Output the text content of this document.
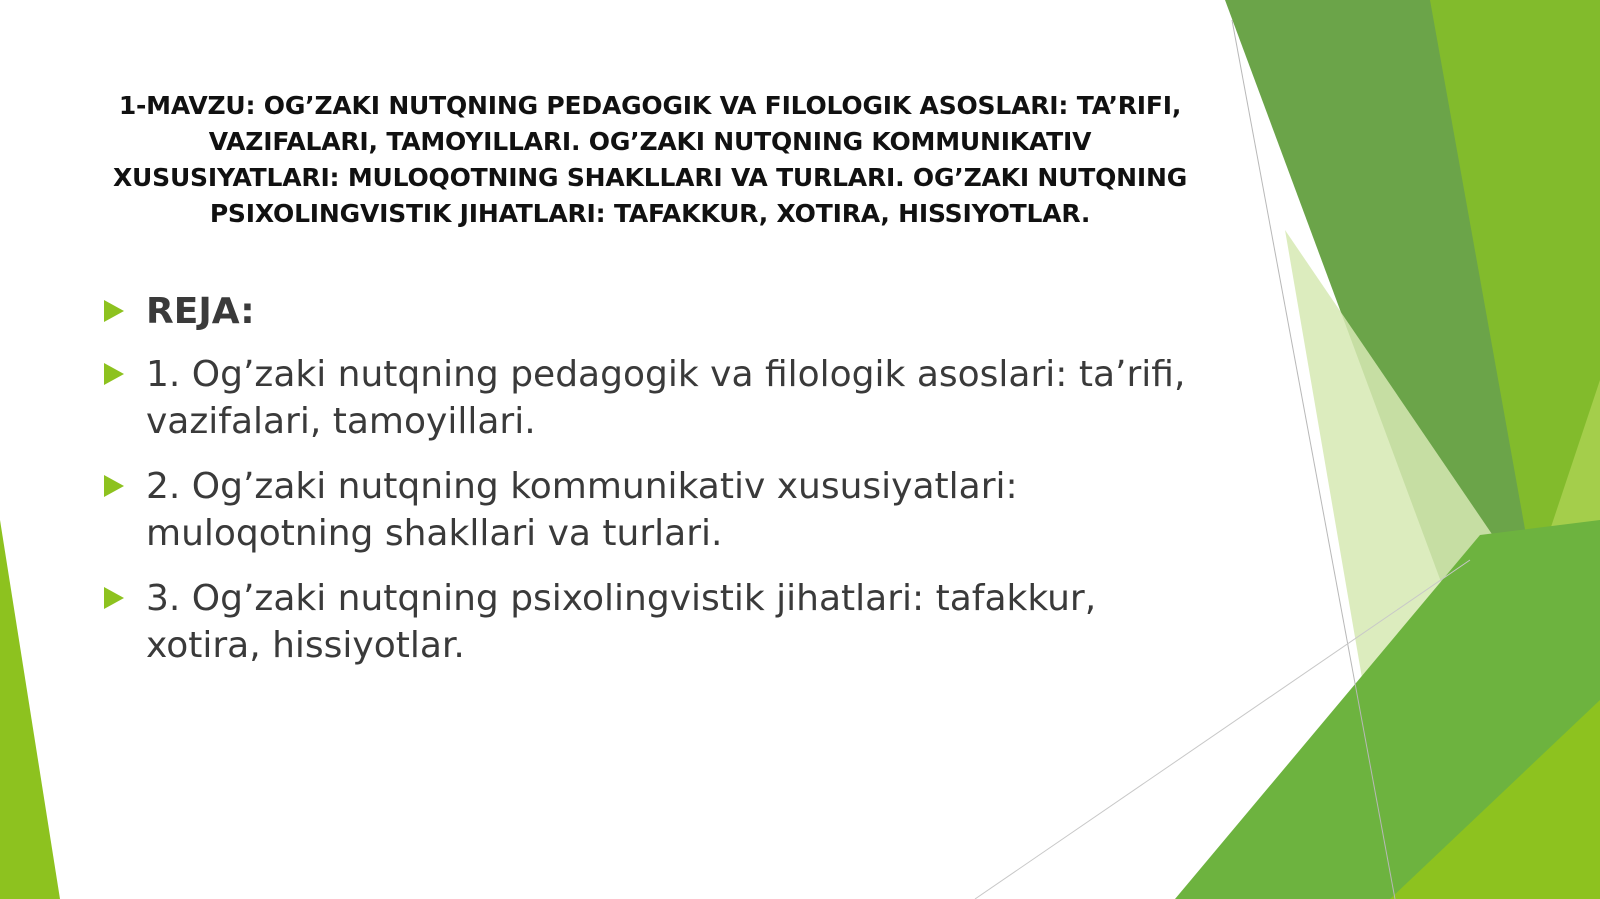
1-MAVZU: OG’ZAKI NUTQNING PEDAGOGIK VA FILOLOGIK ASOSLARI: TA’RIFI, VAZIFALARI, TAMOYILLARI. OG’ZAKI NUTQNING KOMMUNIKATIV XUSUSIYATLARI: MULOQOTNING SHAKLLARI VA TURLARI. OG’ZAKI NUTQNING PSIXOLINGVISTIK JIHATLARI: TAFAKKUR, XOTIRA, HISSIYOTLAR.
REJA:
1. Og’zaki nutqning pedagogik va filologik asoslari: ta’rifi, vazifalari, tamoyillari.
2. Og’zaki nutqning kommunikativ xususiyatlari: muloqotning shakllari va turlari.
3. Og’zaki nutqning psixolingvistik jihatlari: tafakkur, xotira, hissiyotlar.
